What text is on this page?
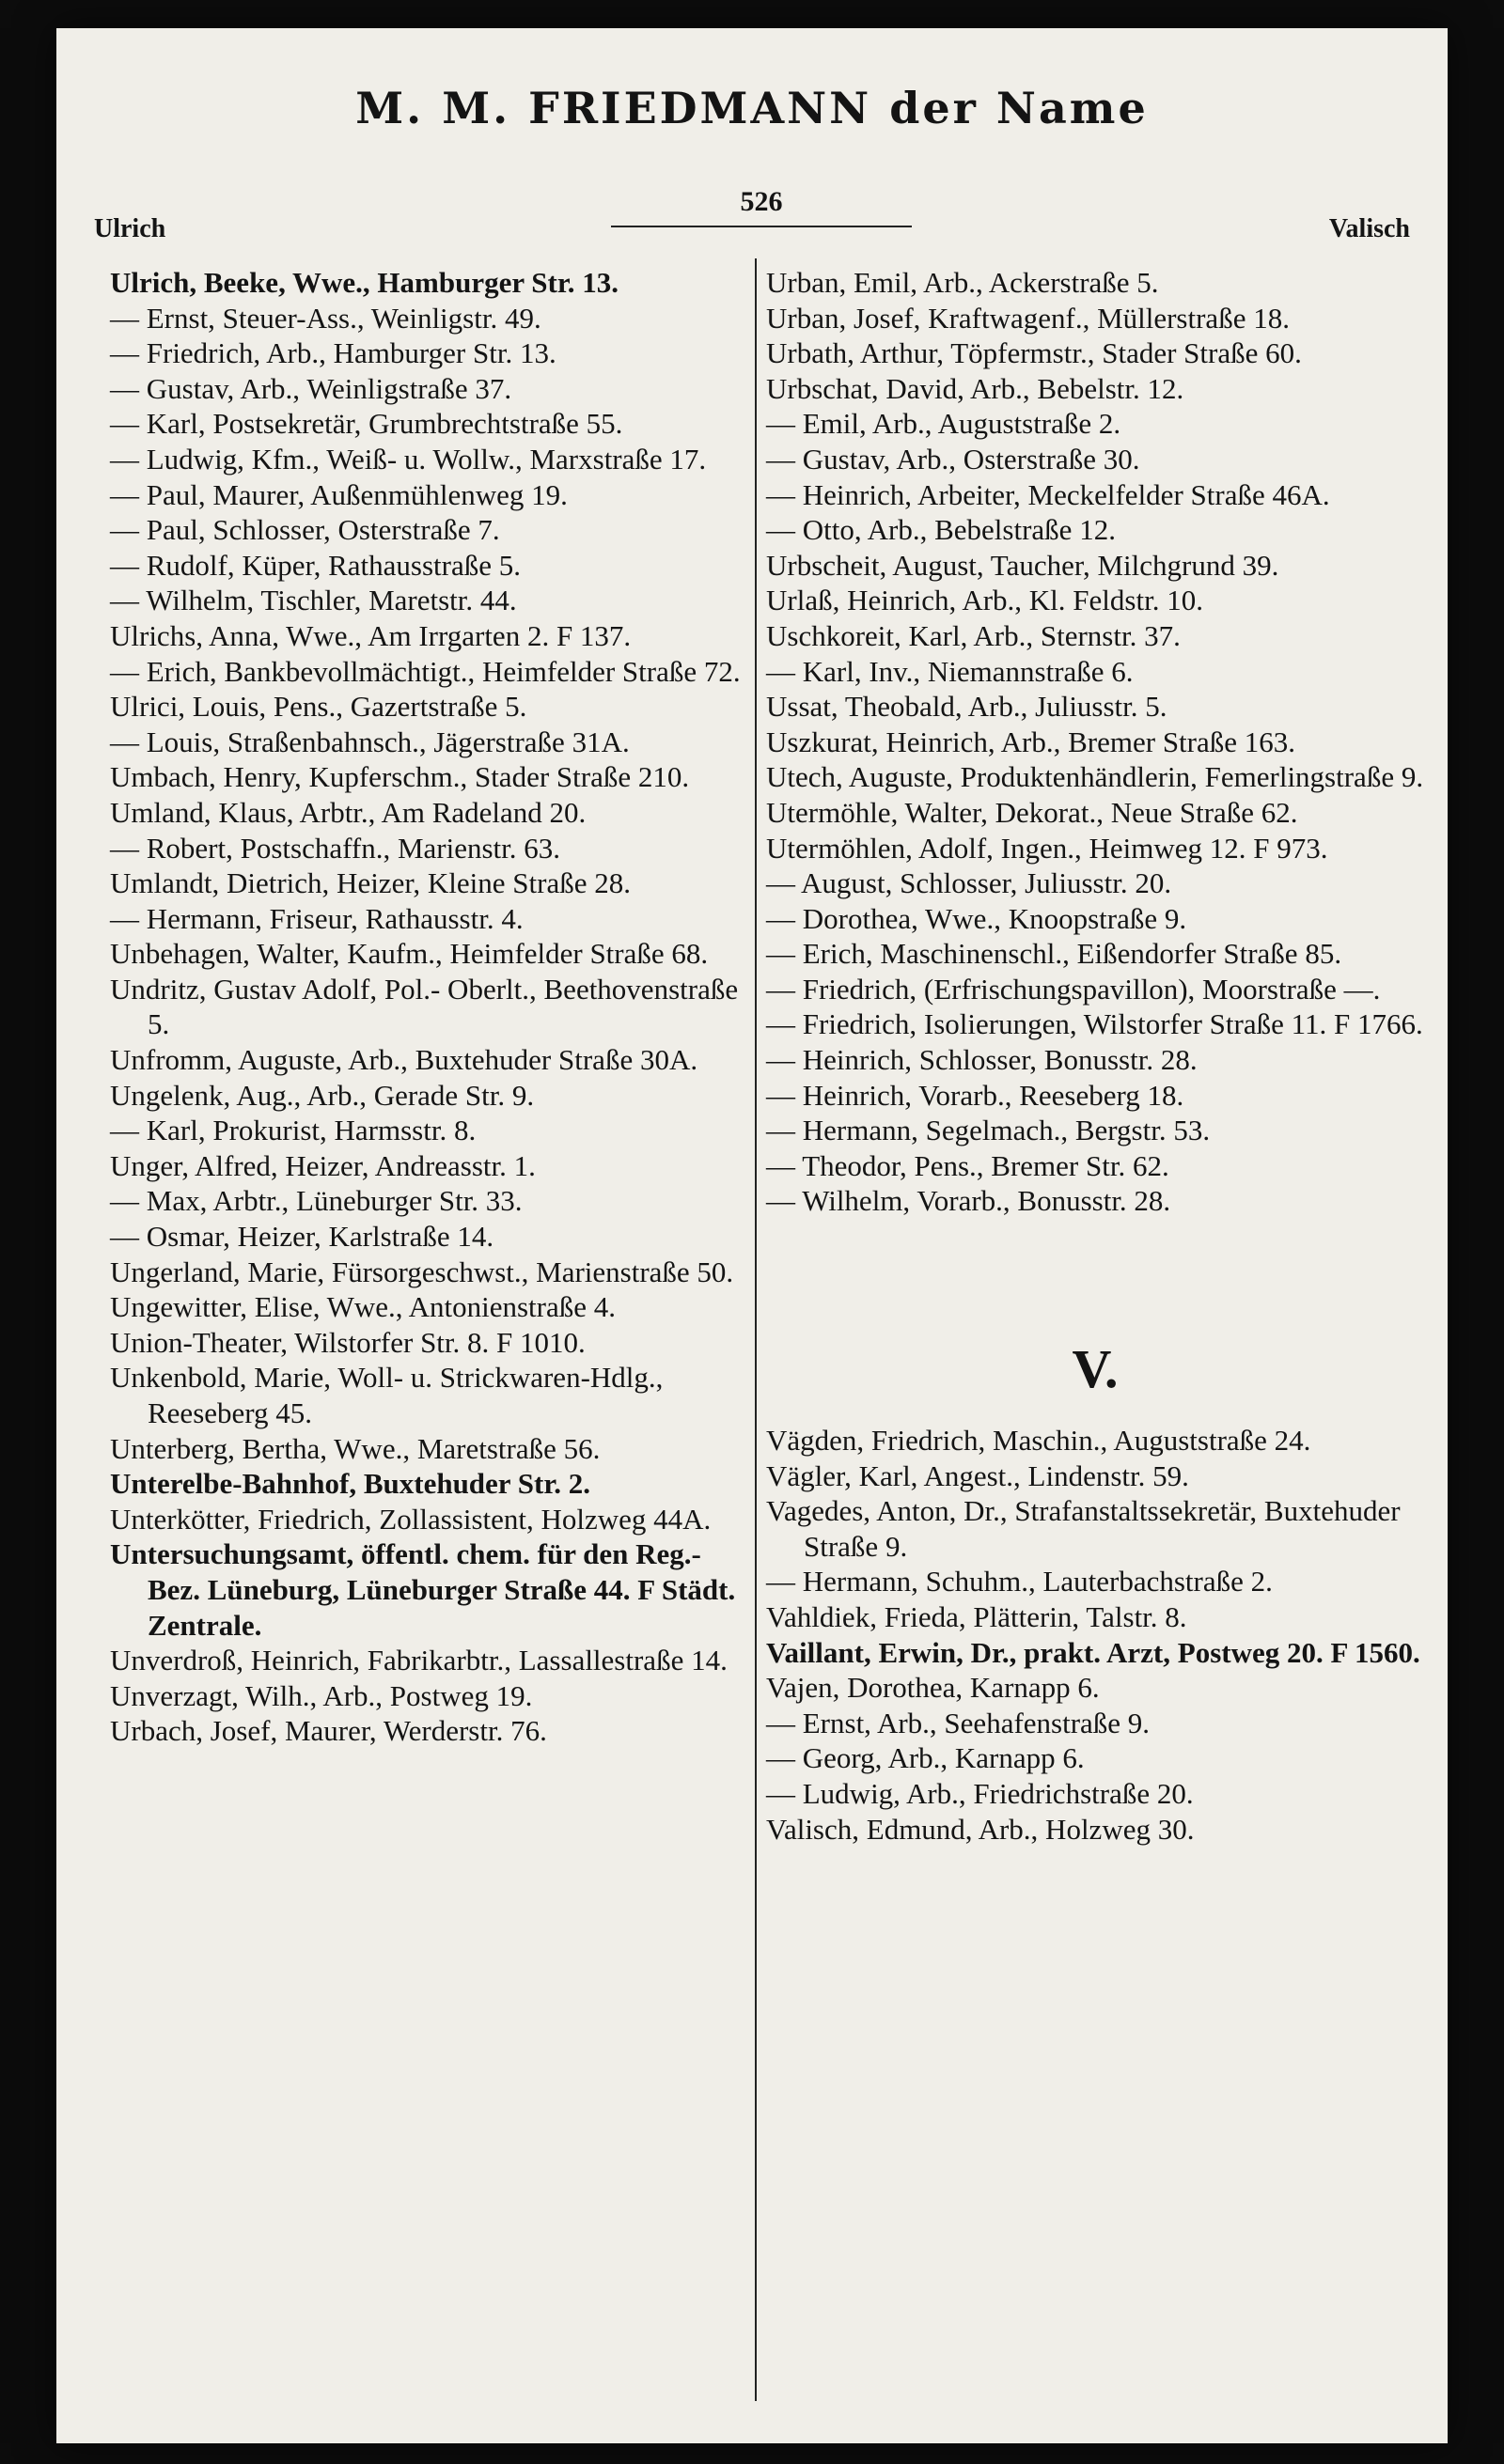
M. M. FRIEDMANN der Name
Ulrich
526
Valisch

Ulrich, Beeke, Wwe., Hamburger Str. 13.

— Ernst, Steuer-Ass., Weinligstr. 49.

— Friedrich, Arb., Hamburger Str. 13.

— Gustav, Arb., Weinligstraße 37.

— Karl, Postsekretär, Grumbrechtstraße 55.

— Ludwig, Kfm., Weiß- u. Wollw., Marxstraße 17.

— Paul, Maurer, Außenmühlenweg 19.

— Paul, Schlosser, Osterstraße 7.

— Rudolf, Küper, Rathausstraße 5.

— Wilhelm, Tischler, Maretstr. 44.

Ulrichs, Anna, Wwe., Am Irrgarten 2. F 137.

— Erich, Bankbevollmächtigt., Heimfelder Straße 72.

Ulrici, Louis, Pens., Gazertstraße 5.

— Louis, Straßenbahnsch., Jägerstraße 31A.

Umbach, Henry, Kupferschm., Stader Straße 210.

Umland, Klaus, Arbtr., Am Radeland 20.

— Robert, Postschaffn., Marienstr. 63.

Umlandt, Dietrich, Heizer, Kleine Straße 28.

— Hermann, Friseur, Rathausstr. 4.

Unbehagen, Walter, Kaufm., Heimfelder Straße 68.

Undritz, Gustav Adolf, Pol.- Oberlt., Beethovenstraße 5.

Unfromm, Auguste, Arb., Buxtehuder Straße 30A.

Ungelenk, Aug., Arb., Gerade Str. 9.

— Karl, Prokurist, Harmsstr. 8.

Unger, Alfred, Heizer, Andreasstr. 1.

— Max, Arbtr., Lüneburger Str. 33.

— Osmar, Heizer, Karlstraße 14.

Ungerland, Marie, Fürsorgeschwst., Marienstraße 50.

Ungewitter, Elise, Wwe., Antonienstraße 4.

Union-Theater, Wilstorfer Str. 8. F 1010.

Unkenbold, Marie, Woll- u. Strickwaren-Hdlg., Reeseberg 45.

Unterberg, Bertha, Wwe., Maretstraße 56.

Unterelbe-Bahnhof, Buxtehuder Str. 2.

Unterkötter, Friedrich, Zollassistent, Holzweg 44A.

Untersuchungsamt, öffentl. chem. für den Reg.-Bez. Lüneburg, Lüneburger Straße 44. F Städt. Zentrale.

Unverdroß, Heinrich, Fabrikarbtr., Lassallestraße 14.

Unverzagt, Wilh., Arb., Postweg 19.

Urbach, Josef, Maurer, Werderstr. 76.

Urban, Emil, Arb., Ackerstraße 5.

Urban, Josef, Kraftwagenf., Müllerstraße 18.

Urbath, Arthur, Töpfermstr., Stader Straße 60.

Urbschat, David, Arb., Bebelstr. 12.

— Emil, Arb., Auguststraße 2.

— Gustav, Arb., Osterstraße 30.

— Heinrich, Arbeiter, Meckelfelder Straße 46A.

— Otto, Arb., Bebelstraße 12.

Urbscheit, August, Taucher, Milchgrund 39.

Urlaß, Heinrich, Arb., Kl. Feldstr. 10.

Uschkoreit, Karl, Arb., Sternstr. 37.

— Karl, Inv., Niemannstraße 6.

Ussat, Theobald, Arb., Juliusstr. 5.

Uszkurat, Heinrich, Arb., Bremer Straße 163.

Utech, Auguste, Produktenhändlerin, Femerlingstraße 9.

Utermöhle, Walter, Dekorat., Neue Straße 62.

Utermöhlen, Adolf, Ingen., Heimweg 12. F 973.

— August, Schlosser, Juliusstr. 20.

— Dorothea, Wwe., Knoopstraße 9.

— Erich, Maschinenschl., Eißendorfer Straße 85.

— Friedrich, (Erfrischungspavillon), Moorstraße —.

— Friedrich, Isolierungen, Wilstorfer Straße 11. F 1766.

— Heinrich, Schlosser, Bonusstr. 28.

— Heinrich, Vorarb., Reeseberg 18.

— Hermann, Segelmach., Bergstr. 53.

— Theodor, Pens., Bremer Str. 62.

— Wilhelm, Vorarb., Bonusstr. 28.

V.

Vägden, Friedrich, Maschin., Auguststraße 24.

Vägler, Karl, Angest., Lindenstr. 59.

Vagedes, Anton, Dr., Strafanstaltssekretär, Buxtehuder Straße 9.

— Hermann, Schuhm., Lauterbachstraße 2.

Vahldiek, Frieda, Plätterin, Talstr. 8.

Vaillant, Erwin, Dr., prakt. Arzt, Postweg 20. F 1560.

Vajen, Dorothea, Karnapp 6.

— Ernst, Arb., Seehafenstraße 9.

— Georg, Arb., Karnapp 6.

— Ludwig, Arb., Friedrichstraße 20.

Valisch, Edmund, Arb., Holzweg 30.
